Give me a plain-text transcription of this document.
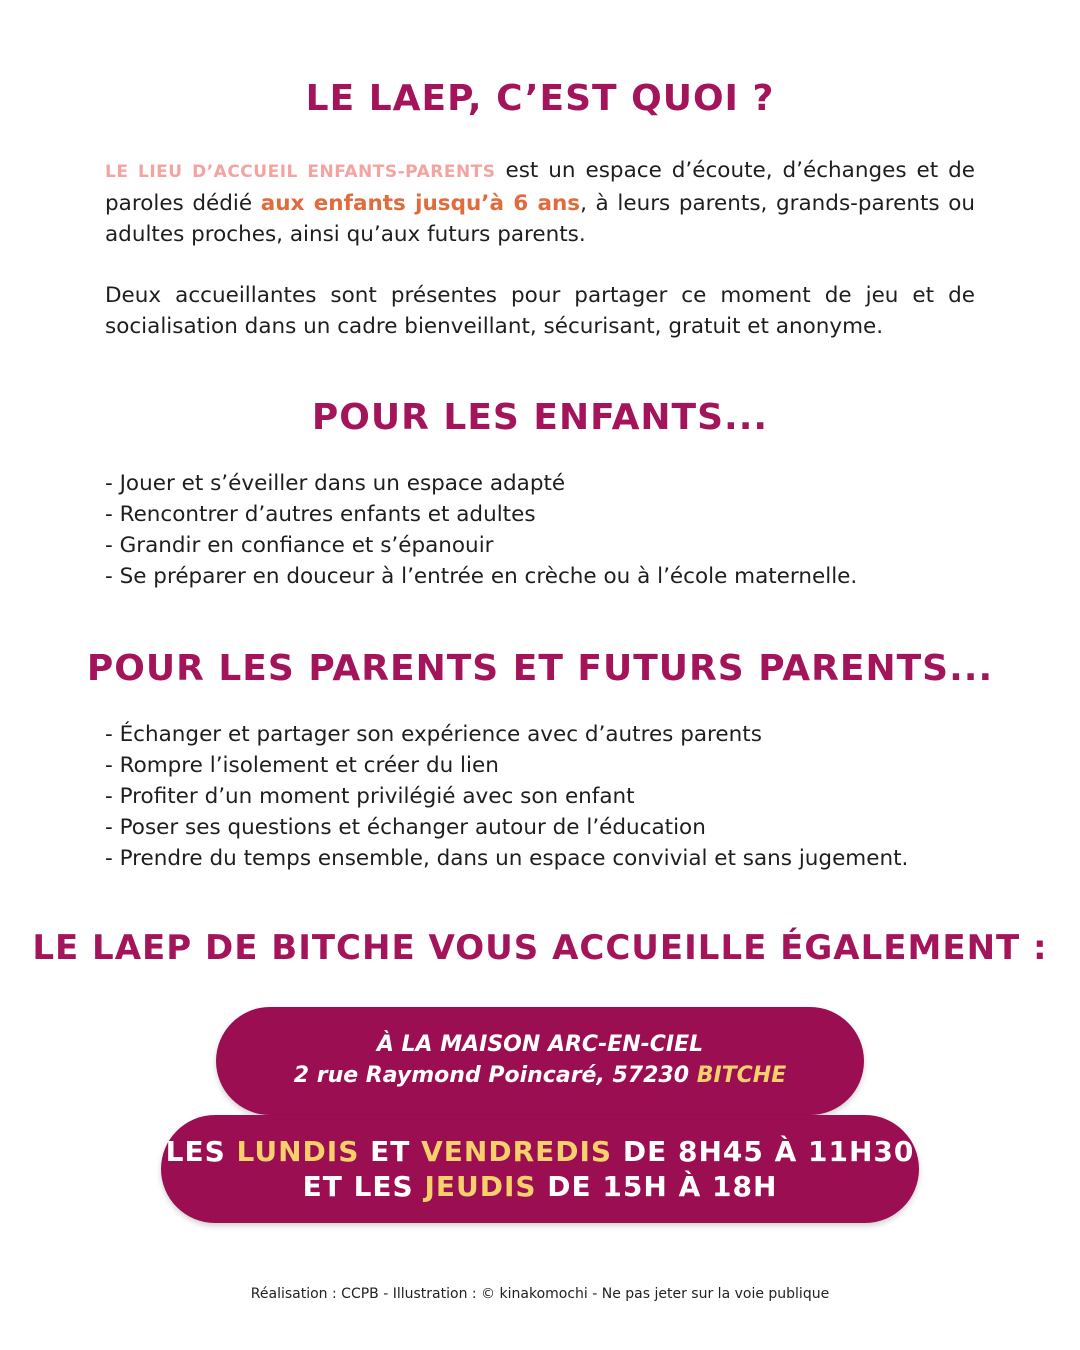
LE LAEP, C’EST QUOI ?

LE LIEU D’ACCUEIL ENFANTS-PARENTS est un espace d’écoute, d’échanges et de paroles dédié aux enfants jusqu’à 6 ans, à leurs parents, grands-parents ou adultes proches, ainsi qu’aux futurs parents.

Deux accueillantes sont présentes pour partager ce moment de jeu et de socialisation dans un cadre bienveillant, sécurisant, gratuit et anonyme.

POUR LES ENFANTS...
- Jouer et s’éveiller dans un espace adapté
- Rencontrer d’autres enfants et adultes
- Grandir en confiance et s’épanouir
- Se préparer en douceur à l’entrée en crèche ou à l’école maternelle.
POUR LES PARENTS ET FUTURS PARENTS...
- Échanger et partager son expérience avec d’autres parents
- Rompre l’isolement et créer du lien
- Profiter d’un moment privilégié avec son enfant
- Poser ses questions et échanger autour de l’éducation
- Prendre du temps ensemble, dans un espace convivial et sans jugement.
LE LAEP DE BITCHE VOUS ACCUEILLE ÉGALEMENT :
À LA MAISON ARC-EN-CIEL
2 rue Raymond Poincaré, 57230 BITCHE
LES LUNDIS ET VENDREDIS DE 8H45 À 11H30
ET LES JEUDIS DE 15H À 18H
Réalisation : CCPB - Illustration : © kinakomochi - Ne pas jeter sur la voie publique
